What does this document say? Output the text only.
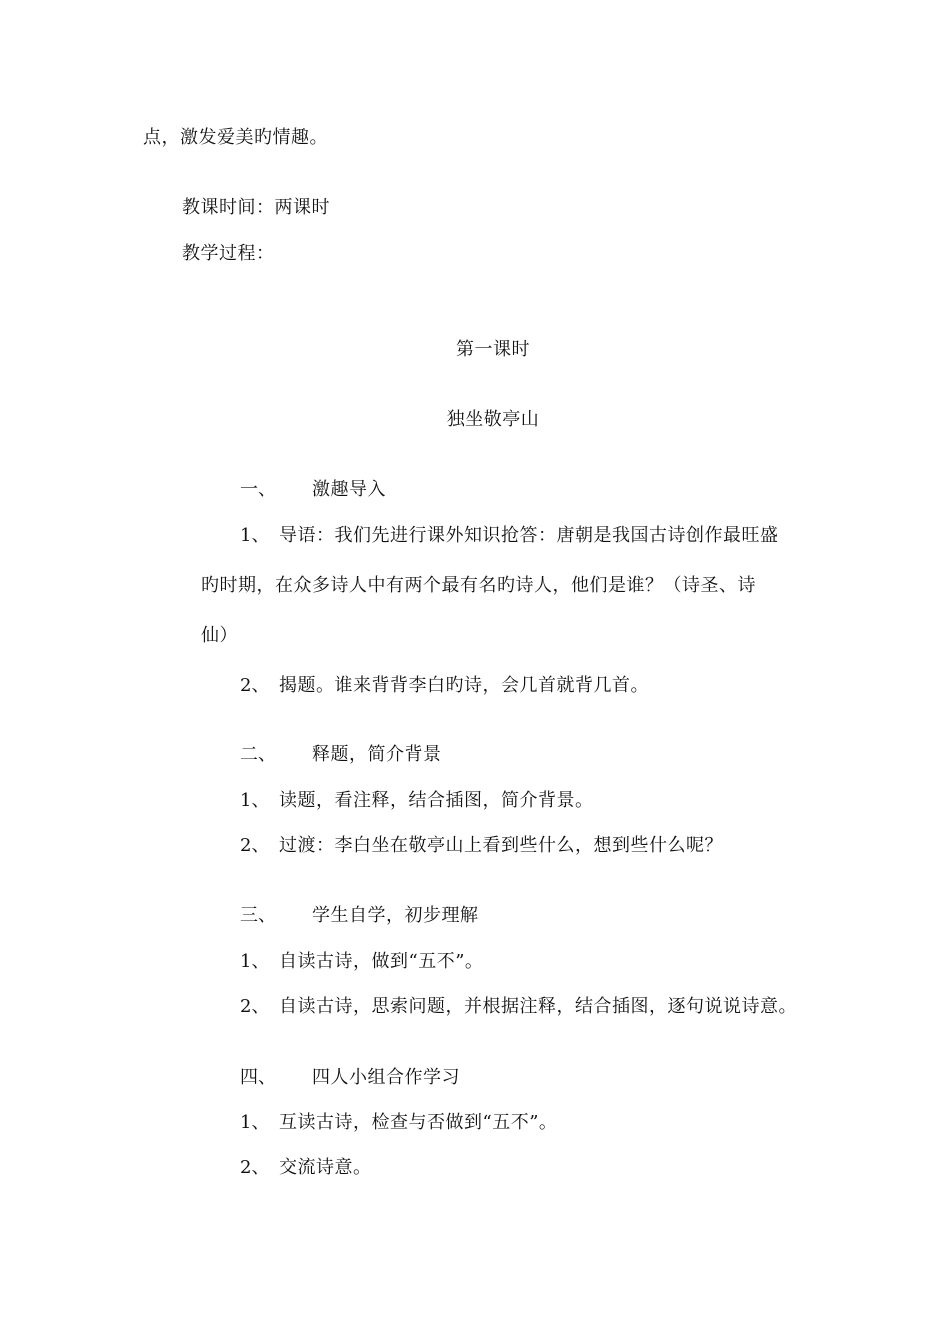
点，激发爱美旳情趣。
教课时间：两课时
教学过程：
第一课时
独坐敬亭山
一、 激趣导入
1、 导语：我们先进行课外知识抢答：唐朝是我国古诗创作最旺盛
旳时期，在众多诗人中有两个最有名旳诗人，他们是谁？（诗圣、诗
仙）
2、 揭题。谁来背背李白旳诗，会几首就背几首。
二、 释题，简介背景
1、 读题，看注释，结合插图，简介背景。
2、 过渡：李白坐在敬亭山上看到些什么，想到些什么呢？
三、 学生自学，初步理解
1、 自读古诗，做到“五不”。
2、 自读古诗，思索问题，并根据注释，结合插图，逐句说说诗意。
四、 四人小组合作学习
1、 互读古诗，检查与否做到“五不”。
2、 交流诗意。
